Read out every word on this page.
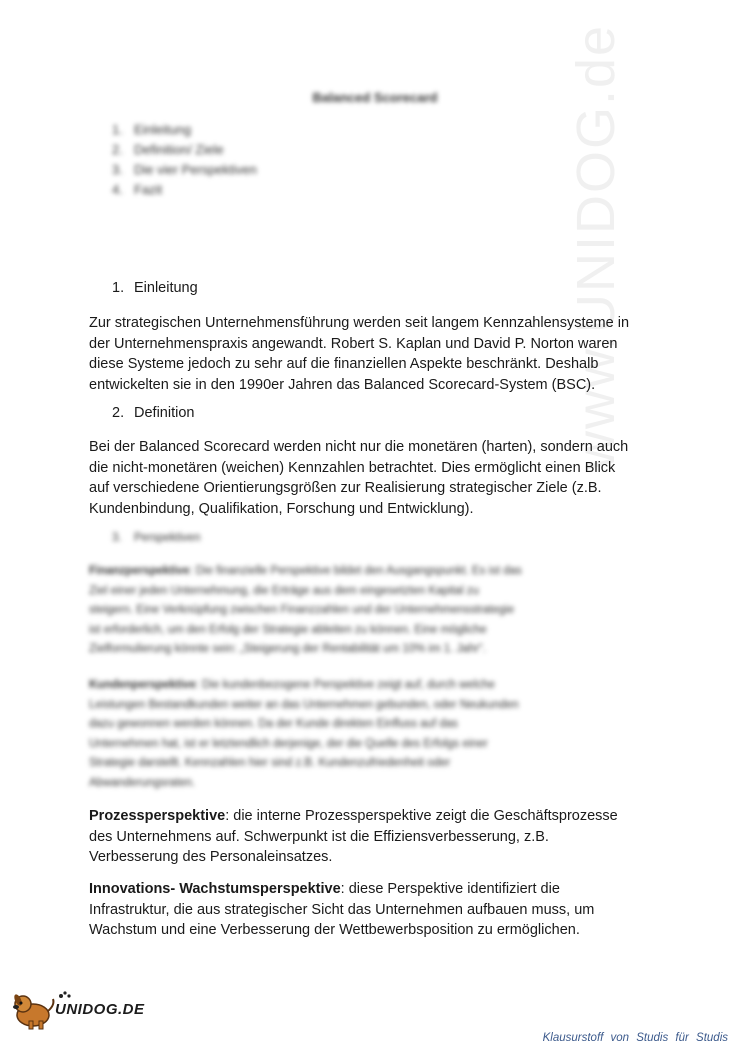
www.UNIDOG.de
Balanced Scorecard
1. Einleitung
2. Definition/ Ziele
3. Die vier Perspektiven
4. Fazit
1. Einleitung
Zur strategischen Unternehmensführung werden seit langem Kennzahlensysteme in
der Unternehmenspraxis angewandt. Robert S. Kaplan und David P. Norton waren
diese Systeme jedoch zu sehr auf die finanziellen Aspekte beschränkt. Deshalb
entwickelten sie in den 1990er Jahren das Balanced Scorecard-System (BSC).
2. Definition
Bei der Balanced Scorecard werden nicht nur die monetären (harten), sondern auch
die nicht-monetären (weichen) Kennzahlen betrachtet. Dies ermöglicht einen Blick
auf verschiedene Orientierungsgrößen zur Realisierung strategischer Ziele (z.B.
Kundenbindung, Qualifikation, Forschung und Entwicklung).
3. Perspektiven
Finanzperspektive: Die finanzielle Perspektive bildet den Ausgangspunkt. Es ist das
Ziel einer jeden Unternehmung, die Erträge aus dem eingesetzten Kapital zu
steigern. Eine Verknüpfung zwischen Finanzzahlen und der Unternehmensstrategie
ist erforderlich, um den Erfolg der Strategie ableiten zu können. Eine mögliche
Zielformulierung könnte sein: „Steigerung der Rentabilität um 10% im 1. Jahr“.
Kundenperspektive: Die kundenbezogene Perspektive zeigt auf, durch welche
Leistungen Bestandkunden weiter an das Unternehmen gebunden, oder Neukunden
dazu gewonnen werden können. Da der Kunde direkten Einfluss auf das
Unternehmen hat, ist er letztendlich derjenige, der die Quelle des Erfolgs einer
Strategie darstellt. Kennzahlen hier sind z.B. Kundenzufriedenheit oder
Abwanderungsraten.
Prozessperspektive: die interne Prozessperspektive zeigt die Geschäftsprozesse
des Unternehmens auf. Schwerpunkt ist die Effiziensverbesserung, z.B.
Verbesserung des Personaleinsatzes.
Innovations- Wachstumsperspektive: diese Perspektive identifiziert die
Infrastruktur, die aus strategischer Sicht das Unternehmen aufbauen muss, um
Wachstum und eine Verbesserung der Wettbewerbsposition zu ermöglichen.
UNIDOG.DE
Klausurstoff von Studis für Studis
